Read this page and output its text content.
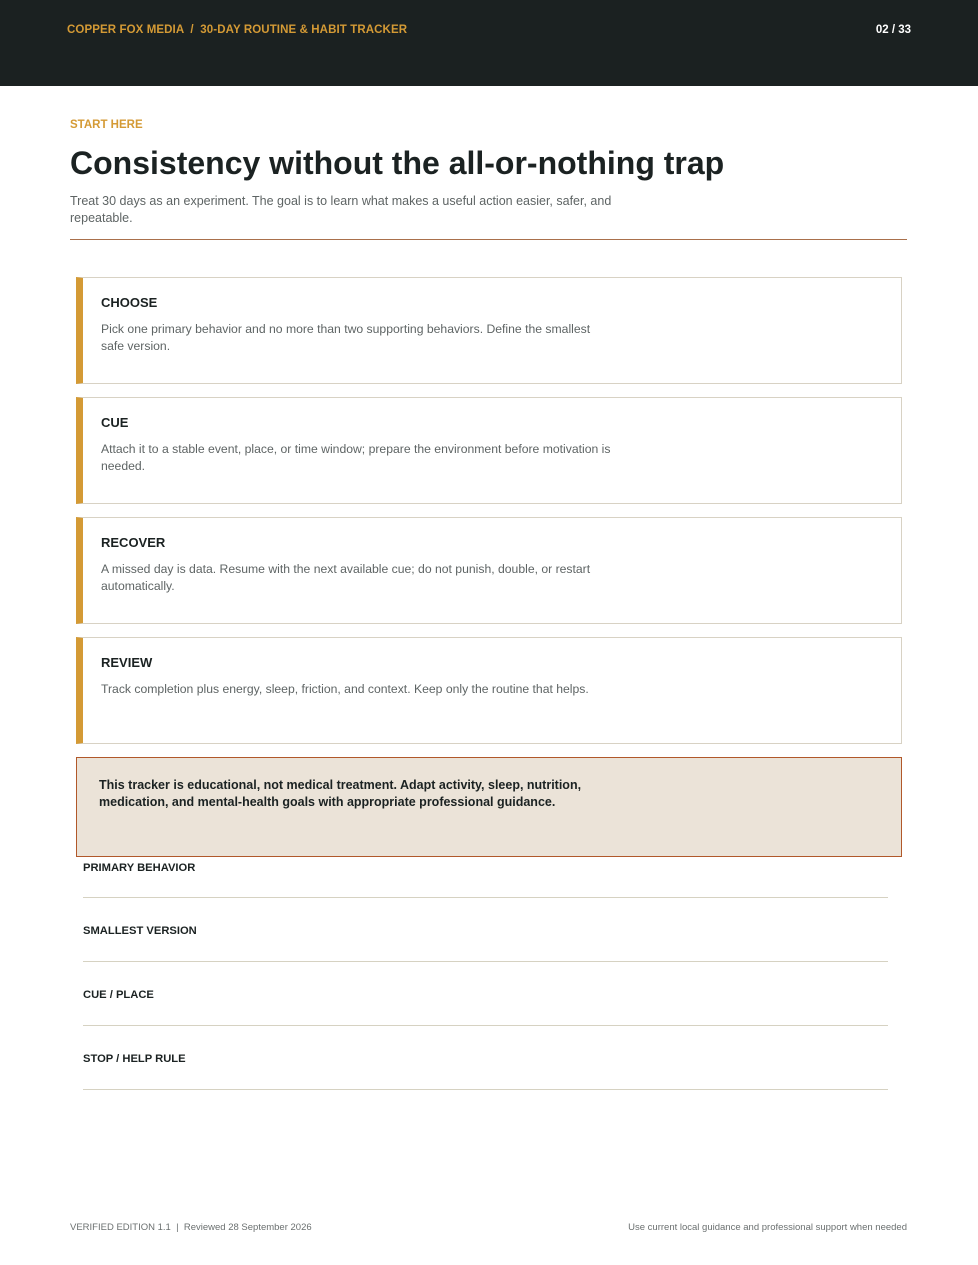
COPPER FOX MEDIA  /  30-DAY ROUTINE & HABIT TRACKER	02 / 33
START HERE
Consistency without the all-or-nothing trap
Treat 30 days as an experiment. The goal is to learn what makes a useful action easier, safer, and repeatable.
CHOOSE
Pick one primary behavior and no more than two supporting behaviors. Define the smallest safe version.
CUE
Attach it to a stable event, place, or time window; prepare the environment before motivation is needed.
RECOVER
A missed day is data. Resume with the next available cue; do not punish, double, or restart automatically.
REVIEW
Track completion plus energy, sleep, friction, and context. Keep only the routine that helps.
This tracker is educational, not medical treatment. Adapt activity, sleep, nutrition, medication, and mental-health goals with appropriate professional guidance.
PRIMARY BEHAVIOR
SMALLEST VERSION
CUE / PLACE
STOP / HELP RULE
VERIFIED EDITION 1.1  |  Reviewed 28 September 2026	Use current local guidance and professional support when needed
